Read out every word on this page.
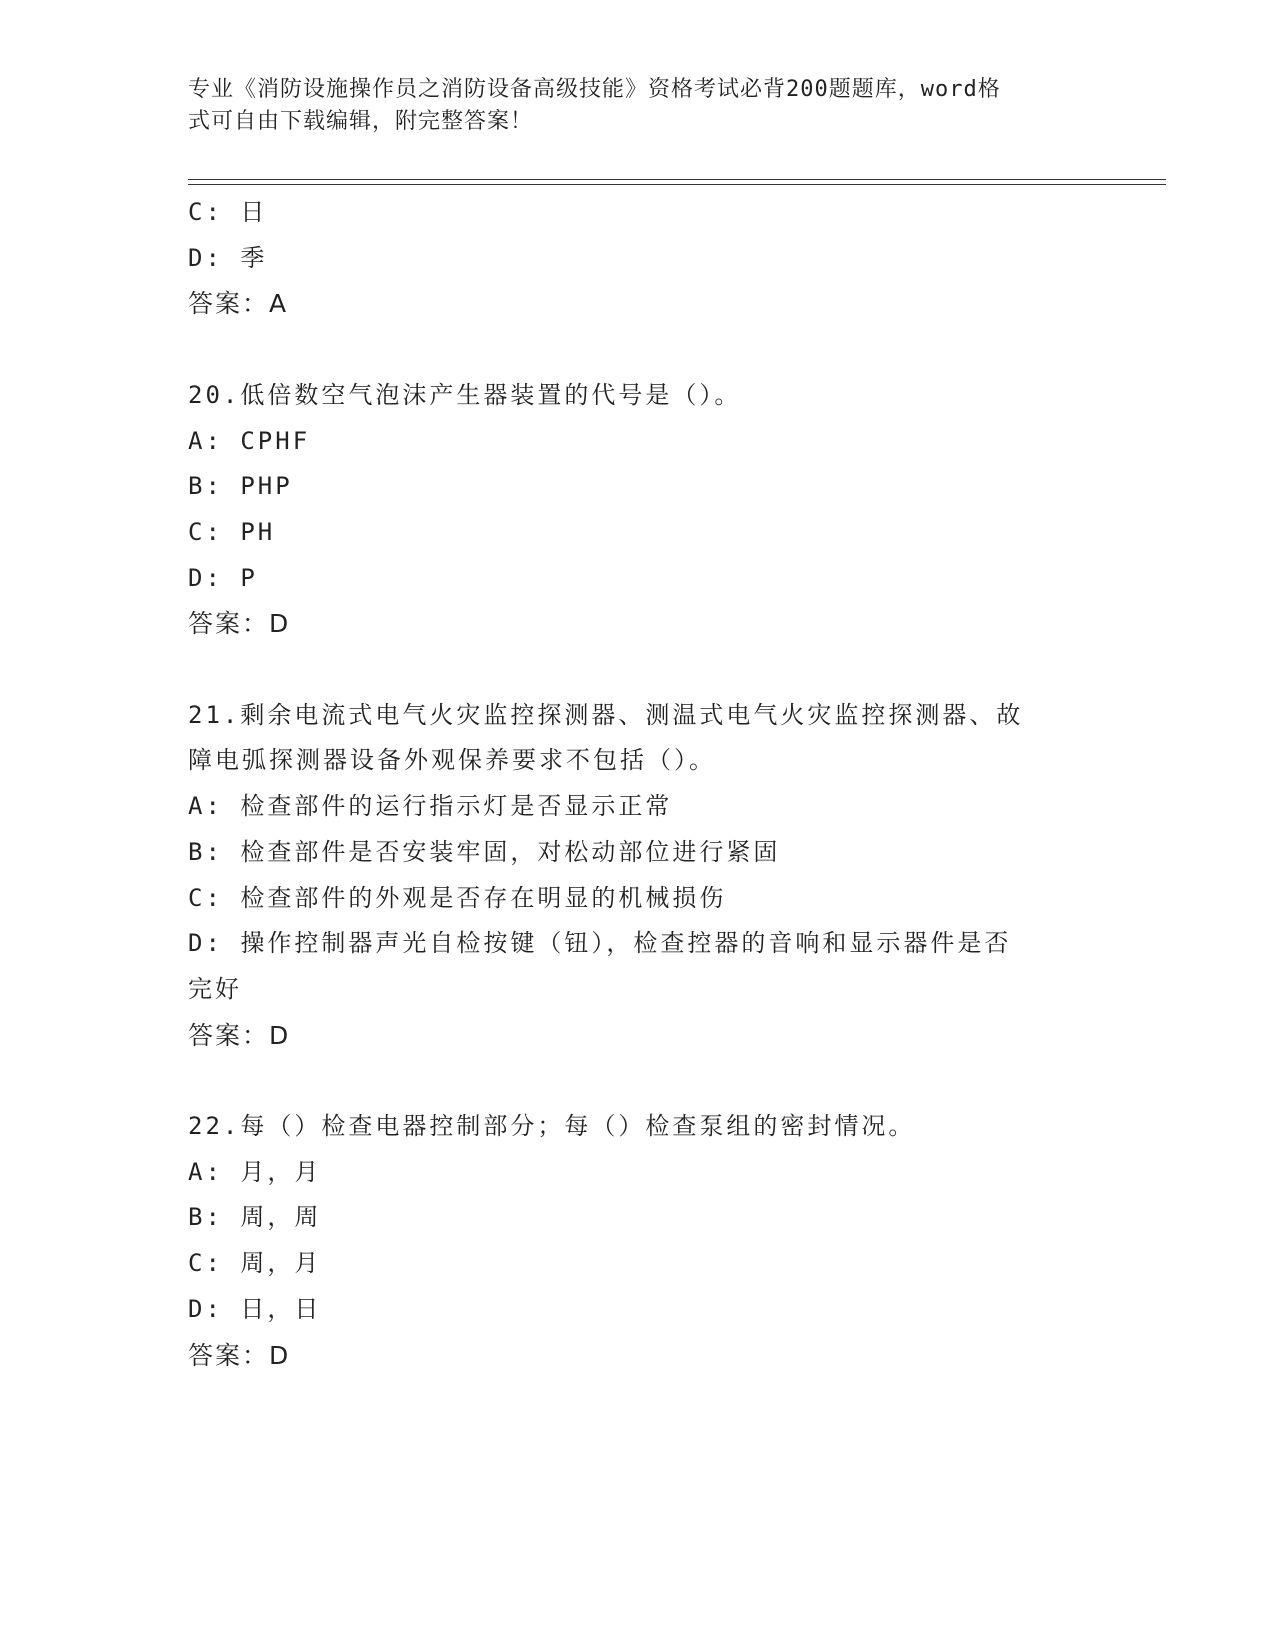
专业《消防设施操作员之消防设备高级技能》资格考试必背200题题库，word格
式可自由下载编辑，附完整答案！
C: 日
D: 季
答案：A
20.低倍数空气泡沫产生器装置的代号是（）。
A: CPHF
B: PHP
C: PH
D: P
答案：D
21.剩余电流式电气火灾监控探测器、测温式电气火灾监控探测器、故
障电弧探测器设备外观保养要求不包括（）。
A: 检查部件的运行指示灯是否显示正常
B: 检查部件是否安装牢固，对松动部位进行紧固
C: 检查部件的外观是否存在明显的机械损伤
D: 操作控制器声光自检按键（钮），检查控器的音响和显示器件是否
完好
答案：D
22.每（）检查电器控制部分；每（）检查泵组的密封情况。
A: 月，月
B: 周，周
C: 周，月
D: 日，日
答案：D
